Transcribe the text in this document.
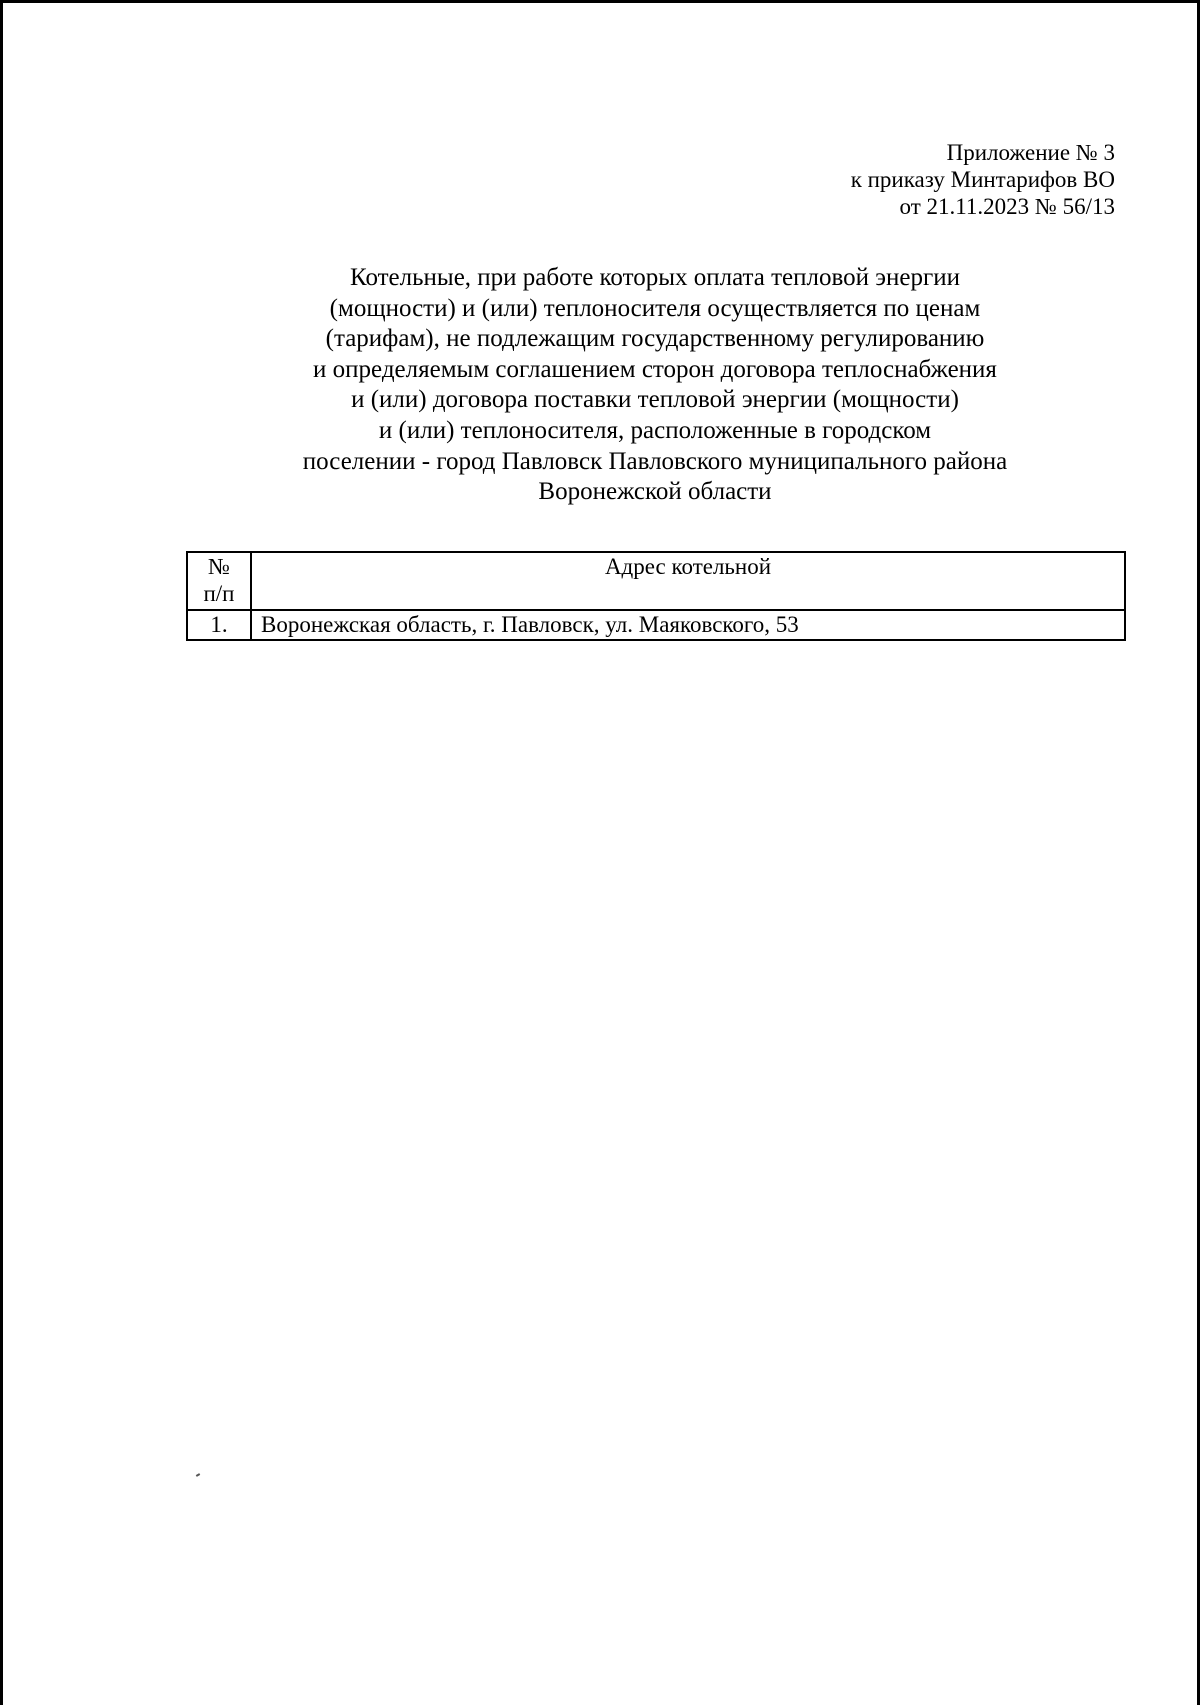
Приложение № 3
к приказу Минтарифов ВО
от 21.11.2023 № 56/13
Котельные, при работе которых оплата тепловой энергии
(мощности) и (или) теплоносителя осуществляется по ценам
(тарифам), не подлежащим государственному регулированию
и определяемым соглашением сторон договора теплоснабжения
и (или) договора поставки тепловой энергии (мощности)
и (или) теплоносителя, расположенные в городском
поселении - город Павловск Павловского муниципального района
Воронежской области
№
п/п	Адрес котельной
1.	Воронежская область, г. Павловск, ул. Маяковского, 53
